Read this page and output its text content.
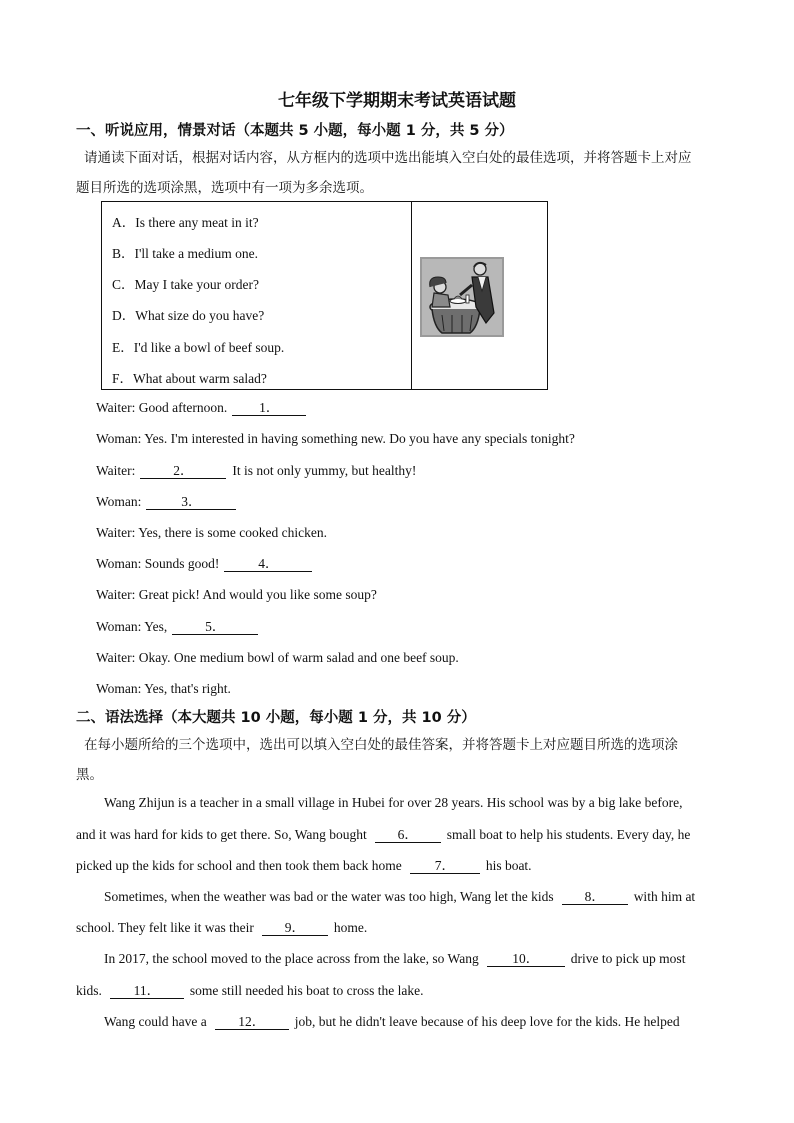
七年级下学期期末考试英语试题
一、听说应用，情景对话（本题共 5 小题，每小题 1 分，共 5 分）
请通读下面对话，根据对话内容，从方框内的选项中选出能填入空白处的最佳选项，并将答题卡上对应
题目所选的选项涂黑，选项中有一项为多余选项。
A．Is there any meat in it?
B．I'll take a medium one.
C．May I take your order?
D．What size do you have?
E．I'd like a bowl of beef soup.
F．What about warm salad?
Waiter: Good afternoon. 1．
Woman: Yes. I'm interested in having something new. Do you have any specials tonight?
Waiter:	2．	It is not only yummy, but healthy!
Woman:	3．
Waiter: Yes, there is some cooked chicken.
Woman: Sounds good!	4．
Waiter: Great pick! And would you like some soup?
Woman: Yes,	5．
Waiter: Okay. One medium bowl of warm salad and one beef soup.
Woman: Yes, that's right.
二、语法选择（本大题共 10 小题，每小题 1 分，共 10 分）
在每小题所给的三个选项中，选出可以填入空白处的最佳答案，并将答题卡上对应题目所选的选项涂
黑。
Wang Zhijun is a teacher in a small village in Hubei for over 28 years. His school was by a big lake before,
and it was hard for kids to get there. So, Wang bought 6． small boat to help his students. Every day, he
picked up the kids for school and then took them back home 7． his boat.
Sometimes, when the weather was bad or the water was too high, Wang let the kids 8． with him at
school. They felt like it was their 9． home.
In 2017, the school moved to the place across from the lake, so Wang 10． drive to pick up most
kids. 11． some still needed his boat to cross the lake.
Wang could have a 12． job, but he didn't leave because of his deep love for the kids. He helped
